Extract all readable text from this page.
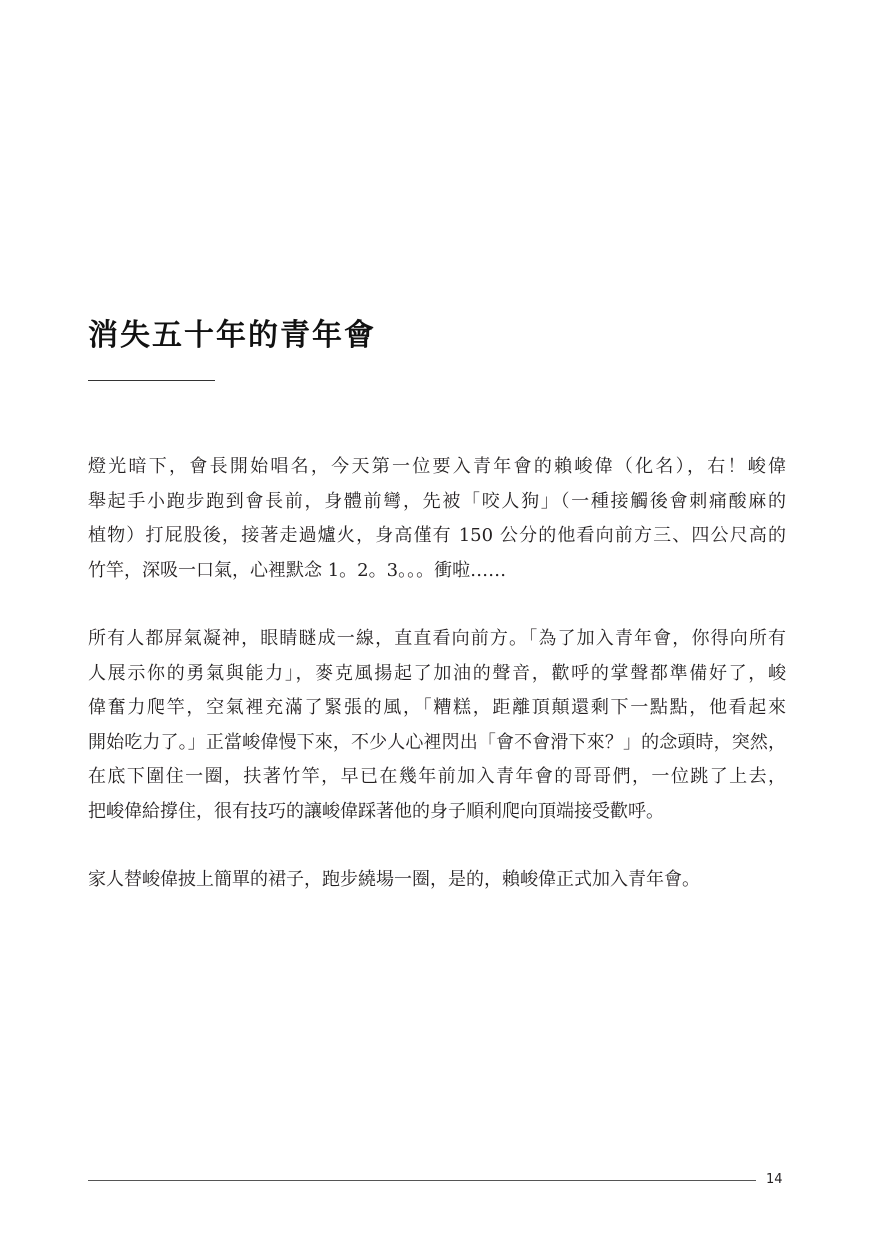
消失五十年的青年會
燈光暗下，會長開始唱名，今天第一位要入青年會的賴峻偉（化名），右！峻偉
舉起手小跑步跑到會長前，身體前彎，先被「咬人狗」（一種接觸後會刺痛酸麻的
植物）打屁股後，接著走過爐火，身高僅有 150 公分的他看向前方三、四公尺高的
竹竿，深吸一口氣，心裡默念 1。2。3。。。衝啦……
所有人都屏氣凝神，眼睛瞇成一線，直直看向前方。「為了加入青年會，你得向所有
人展示你的勇氣與能力」，麥克風揚起了加油的聲音，歡呼的掌聲都準備好了，峻
偉奮力爬竿，空氣裡充滿了緊張的風，「糟糕，距離頂顛還剩下一點點，他看起來
開始吃力了。」正當峻偉慢下來，不少人心裡閃出「會不會滑下來？」的念頭時，突然，
在底下圍住一圈，扶著竹竿，早已在幾年前加入青年會的哥哥們，一位跳了上去，
把峻偉給撐住，很有技巧的讓峻偉踩著他的身子順利爬向頂端接受歡呼。
家人替峻偉披上簡單的裙子，跑步繞場一圈，是的，賴峻偉正式加入青年會。
14
